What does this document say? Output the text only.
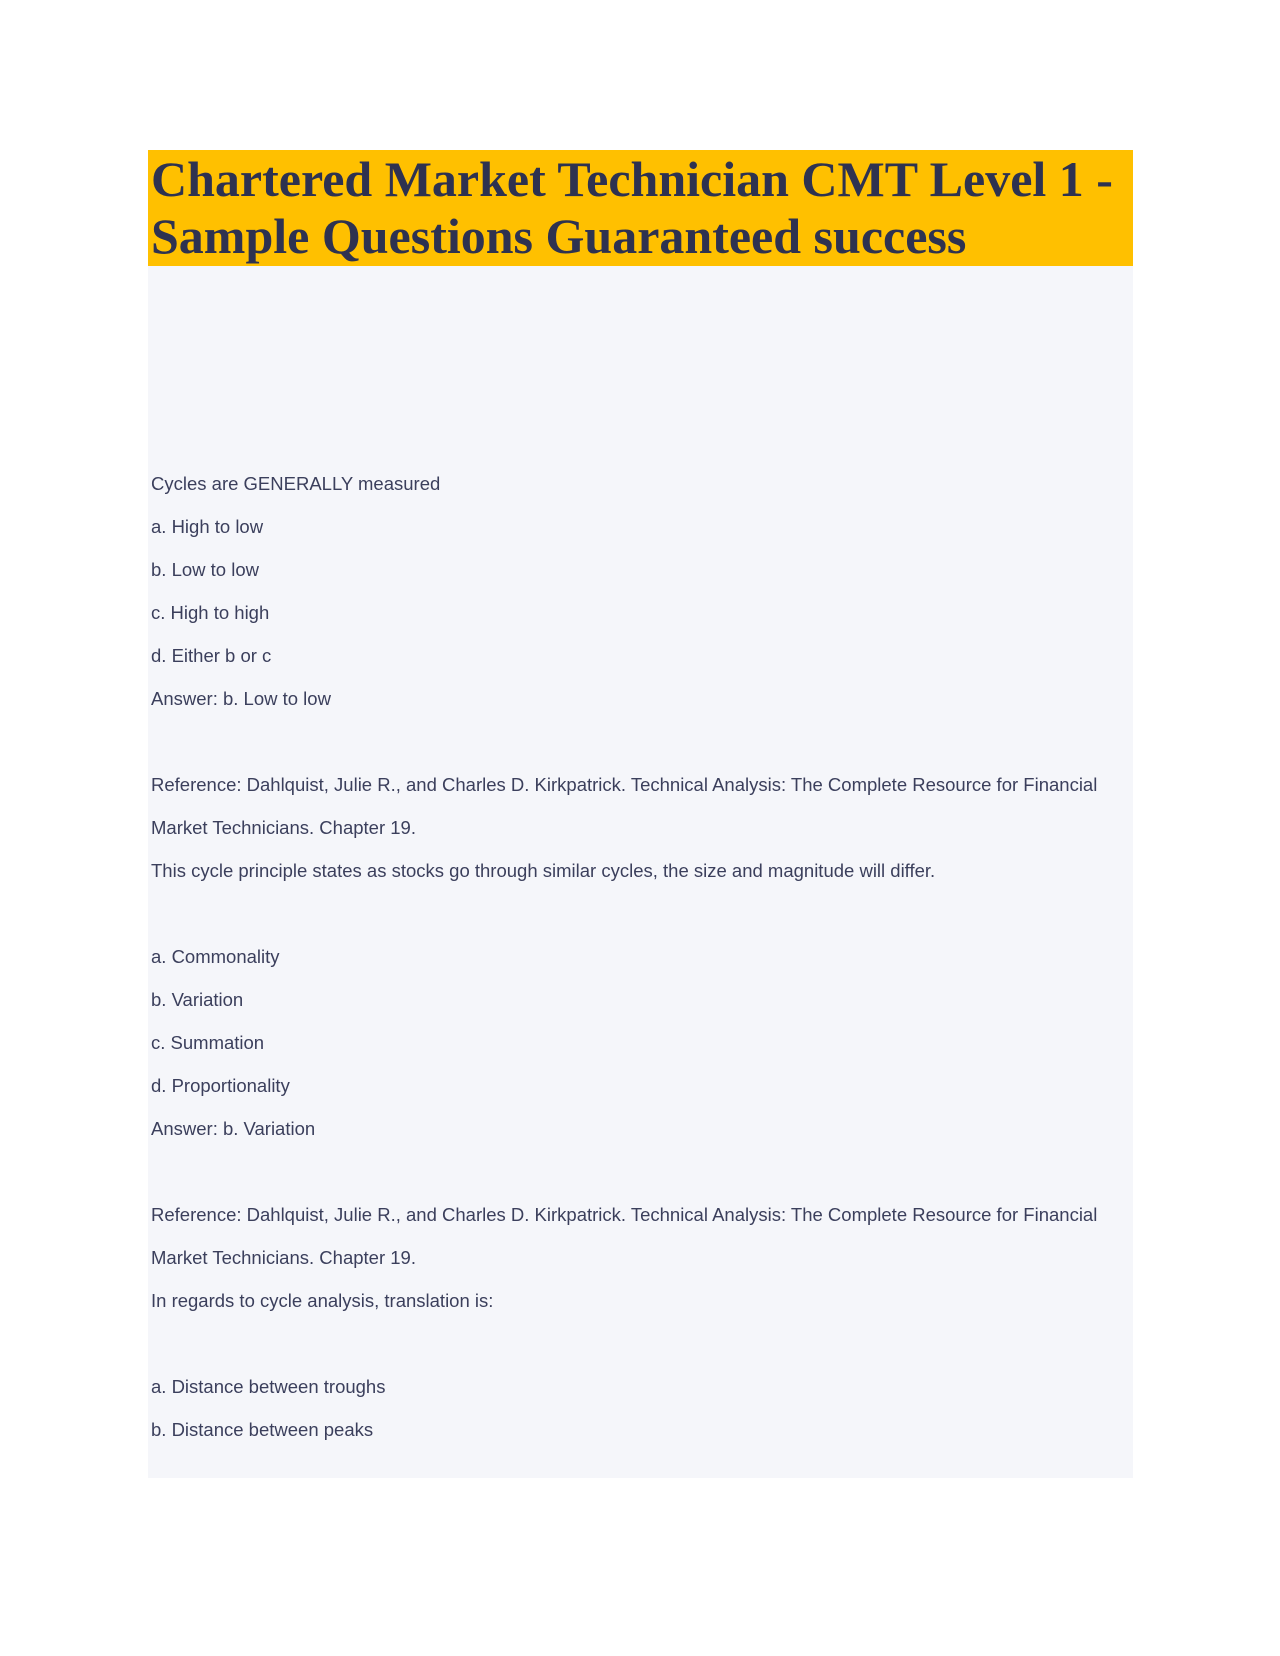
Chartered Market Technician CMT Level 1 -
Sample Questions Guaranteed success

Cycles are GENERALLY measured

a. High to low

b. Low to low

c. High to high

d. Either b or c

Answer: b. Low to low

Reference: Dahlquist, Julie R., and Charles D. Kirkpatrick. Technical Analysis: The Complete Resource for Financial

Market Technicians. Chapter 19.

This cycle principle states as stocks go through similar cycles, the size and magnitude will differ.

a. Commonality

b. Variation

c. Summation

d. Proportionality

Answer: b. Variation

Reference: Dahlquist, Julie R., and Charles D. Kirkpatrick. Technical Analysis: The Complete Resource for Financial

Market Technicians. Chapter 19.

In regards to cycle analysis, translation is:

a. Distance between troughs

b. Distance between peaks
